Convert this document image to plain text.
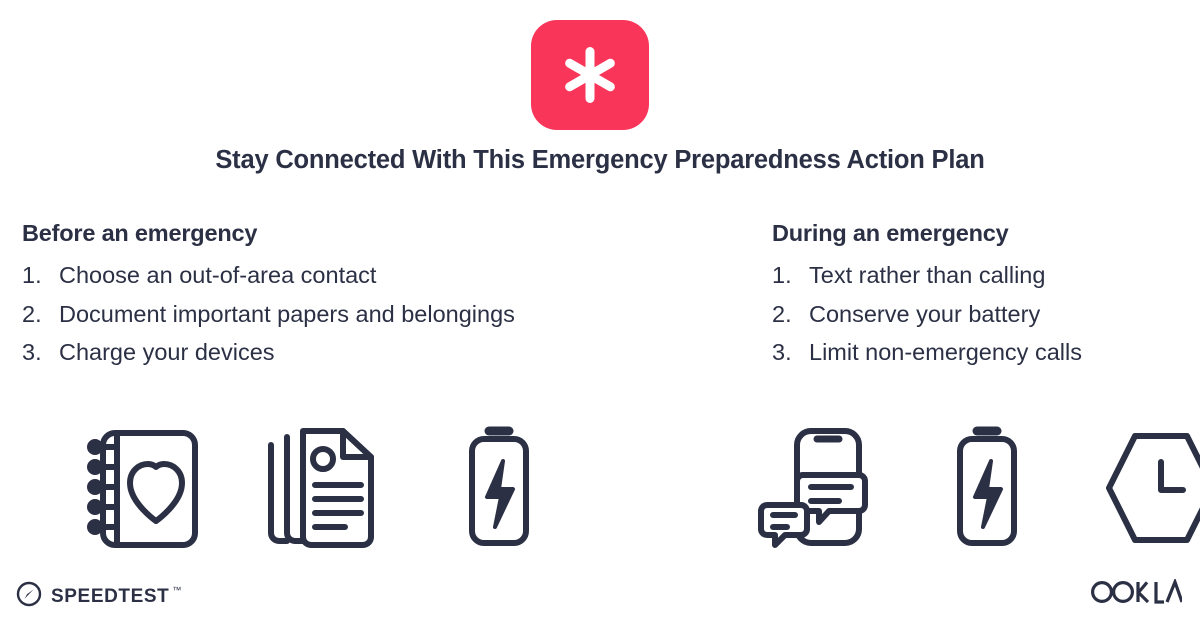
Stay Connected With This Emergency Preparedness Action Plan
Before an emergency
Choose an out-of-area contact
Document important papers and belongings
Charge your devices
During an emergency
Text rather than calling
Conserve your battery
Limit non-emergency calls
SPEEDTEST ™
